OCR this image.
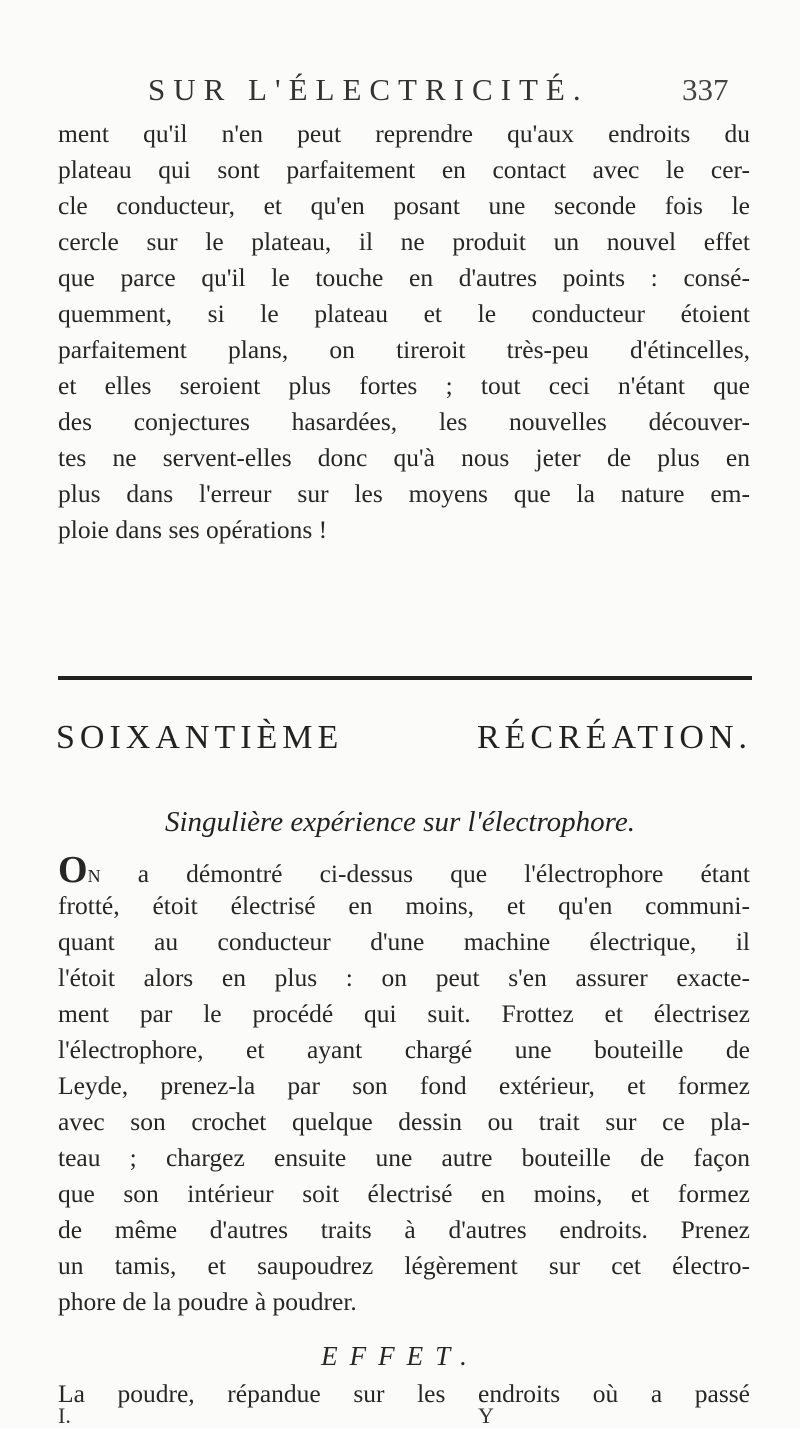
SUR L'ÉLECTRICITÉ.	337
ment qu'il n'en peut reprendre qu'aux endroits du
plateau qui sont parfaitement en contact avec le cer-
cle conducteur, et qu'en posant une seconde fois le
cercle sur le plateau, il ne produit un nouvel effet
que parce qu'il le touche en d'autres points : consé-
quemment, si le plateau et le conducteur étoient
parfaitement plans, on tireroit très-peu d'étincelles,
et elles seroient plus fortes ; tout ceci n'étant que
des conjectures hasardées, les nouvelles découver-
tes ne servent-elles donc qu'à nous jeter de plus en
plus dans l'erreur sur les moyens que la nature em-
ploie dans ses opérations !
SOIXANTIÈME RÉCRÉATION.
Singulière expérience sur l'électrophore.
ON a démontré ci-dessus que l'électrophore étant
frotté, étoit électrisé en moins, et qu'en communi-
quant au conducteur d'une machine électrique, il
l'étoit alors en plus : on peut s'en assurer exacte-
ment par le procédé qui suit. Frottez et électrisez
l'électrophore, et ayant chargé une bouteille de
Leyde, prenez-la par son fond extérieur, et formez
avec son crochet quelque dessin ou trait sur ce pla-
teau ; chargez ensuite une autre bouteille de façon
que son intérieur soit électrisé en moins, et formez
de même d'autres traits à d'autres endroits. Prenez
un tamis, et saupoudrez légèrement sur cet électro-
phore de la poudre à poudrer.
EFFET.
La poudre, répandue sur les endroits où a passé
I.	Y
